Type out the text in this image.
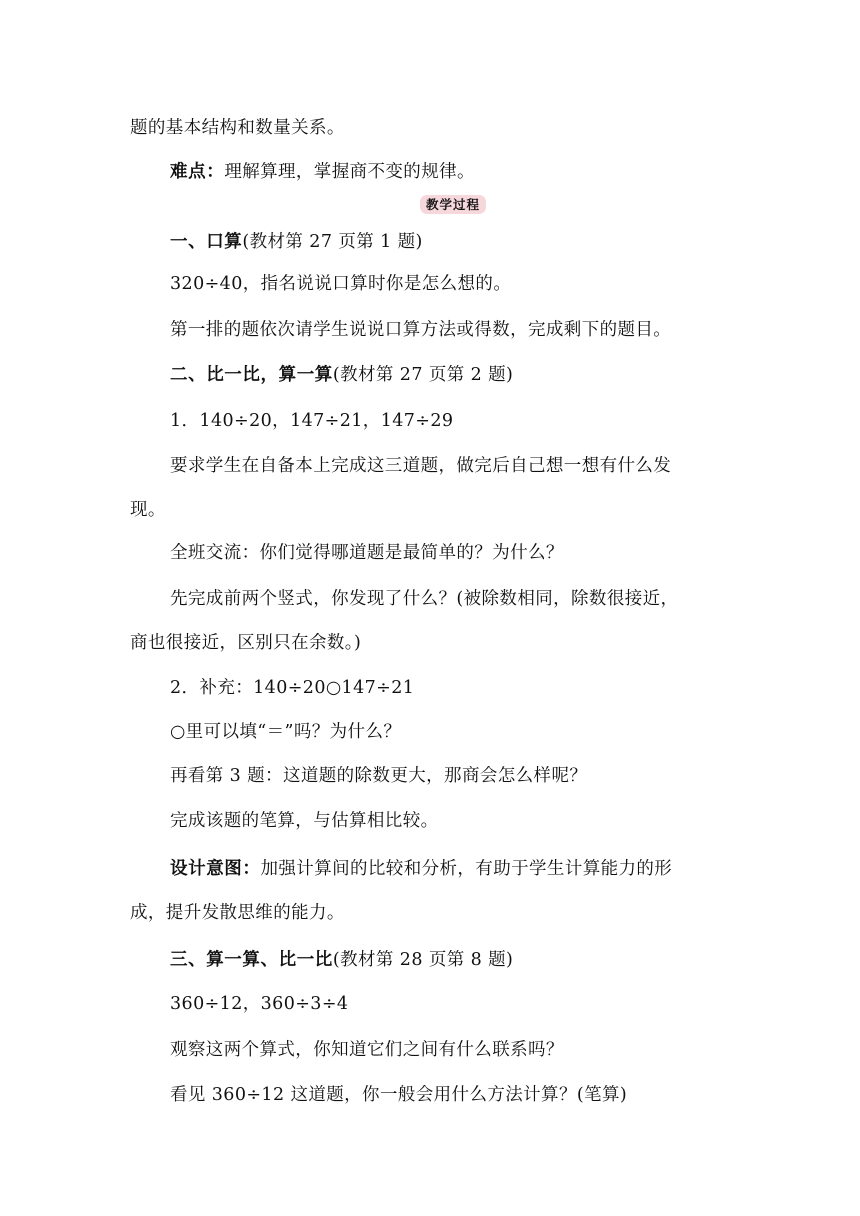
题的基本结构和数量关系。
难点：理解算理，掌握商不变的规律。
教学过程
一、口算(教材第 27 页第 1 题)
320÷40，指名说说口算时你是怎么想的。
第一排的题依次请学生说说口算方法或得数，完成剩下的题目。
二、比一比，算一算(教材第 27 页第 2 题)
1．140÷20，147÷21，147÷29
要求学生在自备本上完成这三道题，做完后自己想一想有什么发
现。
全班交流：你们觉得哪道题是最简单的？为什么？
先完成前两个竖式，你发现了什么？(被除数相同，除数很接近，
商也很接近，区别只在余数。)
2．补充：140÷20○147÷21
○里可以填“＝”吗？为什么？
再看第 3 题：这道题的除数更大，那商会怎么样呢？
完成该题的笔算，与估算相比较。
设计意图：加强计算间的比较和分析，有助于学生计算能力的形
成，提升发散思维的能力。
三、算一算、比一比(教材第 28 页第 8 题)
360÷12，360÷3÷4
观察这两个算式，你知道它们之间有什么联系吗？
看见 360÷12 这道题，你一般会用什么方法计算？(笔算)
